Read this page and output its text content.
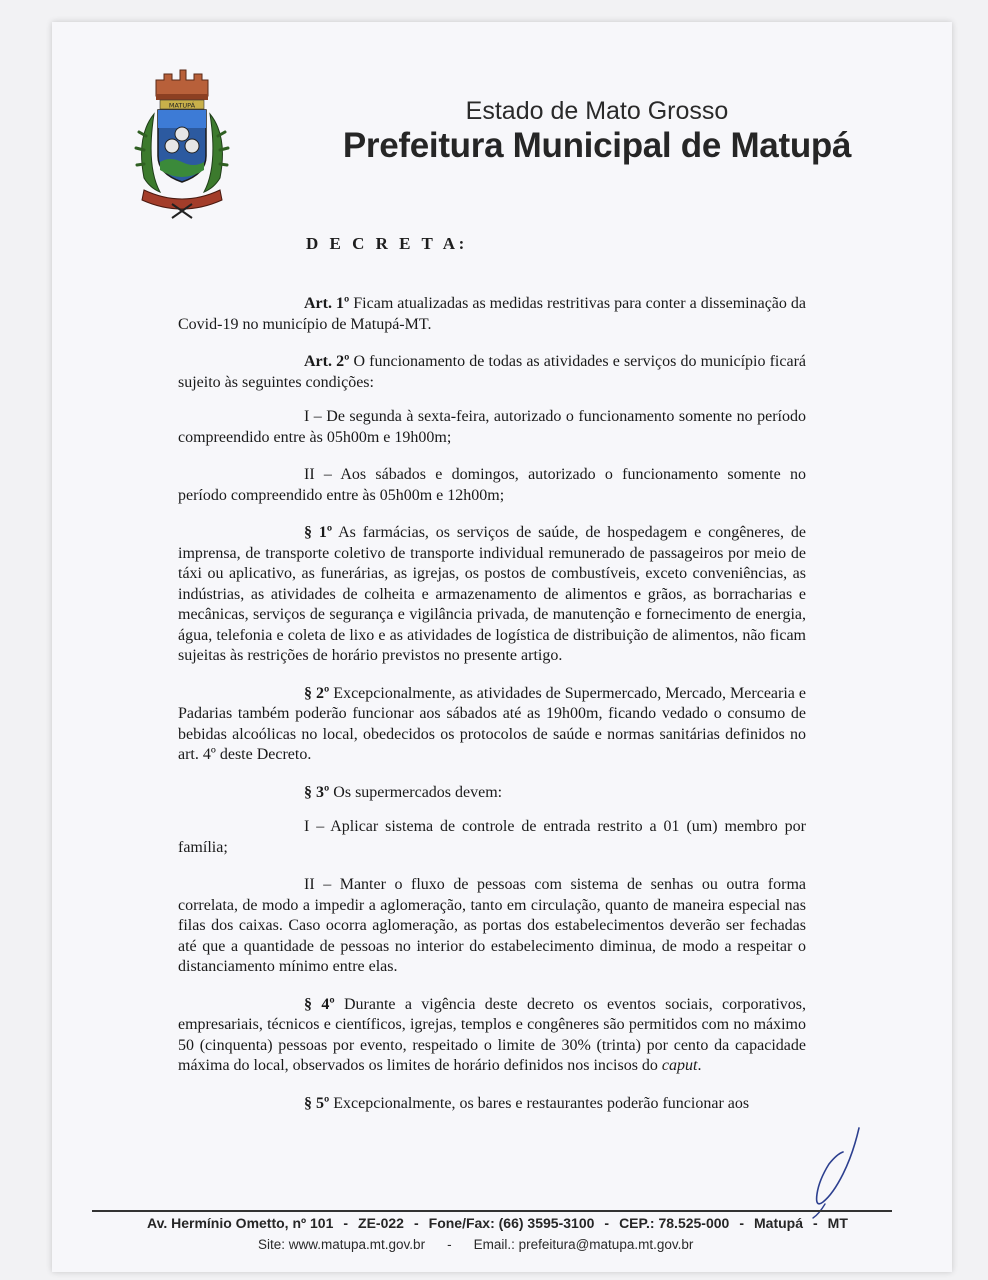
MATUPÁ	Estado de Mato Grosso
Prefeitura Municipal de Matupá
D E C R E T A:

Art. 1º Ficam atualizadas as medidas restritivas para conter a disseminação da Covid-19 no município de Matupá-MT.

Art. 2º O funcionamento de todas as atividades e serviços do município ficará sujeito às seguintes condições:

I – De segunda à sexta-feira, autorizado o funcionamento somente no período compreendido entre às 05h00m e 19h00m;

II – Aos sábados e domingos, autorizado o funcionamento somente no período compreendido entre às 05h00m e 12h00m;

§ 1º As farmácias, os serviços de saúde, de hospedagem e congêneres, de imprensa, de transporte coletivo de transporte individual remunerado de passageiros por meio de táxi ou aplicativo, as funerárias, as igrejas, os postos de combustíveis, exceto conveniências, as indústrias, as atividades de colheita e armazenamento de alimentos e grãos, as borracharias e mecânicas, serviços de segurança e vigilância privada, de manutenção e fornecimento de energia, água, telefonia e coleta de lixo e as atividades de logística de distribuição de alimentos, não ficam sujeitas às restrições de horário previstos no presente artigo.

§ 2º Excepcionalmente, as atividades de Supermercado, Mercado, Mercearia e Padarias também poderão funcionar aos sábados até as 19h00m, ficando vedado o consumo de bebidas alcoólicas no local, obedecidos os protocolos de saúde e normas sanitárias definidos no art. 4º deste Decreto.

§ 3º Os supermercados devem:

I – Aplicar sistema de controle de entrada restrito a 01 (um) membro por família;

II – Manter o fluxo de pessoas com sistema de senhas ou outra forma correlata, de modo a impedir a aglomeração, tanto em circulação, quanto de maneira especial nas filas dos caixas. Caso ocorra aglomeração, as portas dos estabelecimentos deverão ser fechadas até que a quantidade de pessoas no interior do estabelecimento diminua, de modo a respeitar o distanciamento mínimo entre elas.

§ 4º Durante a vigência deste decreto os eventos sociais, corporativos, empresariais, técnicos e científicos, igrejas, templos e congêneres são permitidos com no máximo 50 (cinquenta) pessoas por evento, respeitado o limite de 30% (trinta) por cento da capacidade máxima do local, observados os limites de horário definidos nos incisos do caput.

§ 5º Excepcionalmente, os bares e restaurantes poderão funcionar aos

Av. Hermínio Ometto, nº 101 - ZE-022 - Fone/Fax: (66) 3595-3100 - CEP.: 78.525-000 - Matupá - MT
Site: www.matupa.mt.gov.br - Email.: prefeitura@matupa.mt.gov.br
